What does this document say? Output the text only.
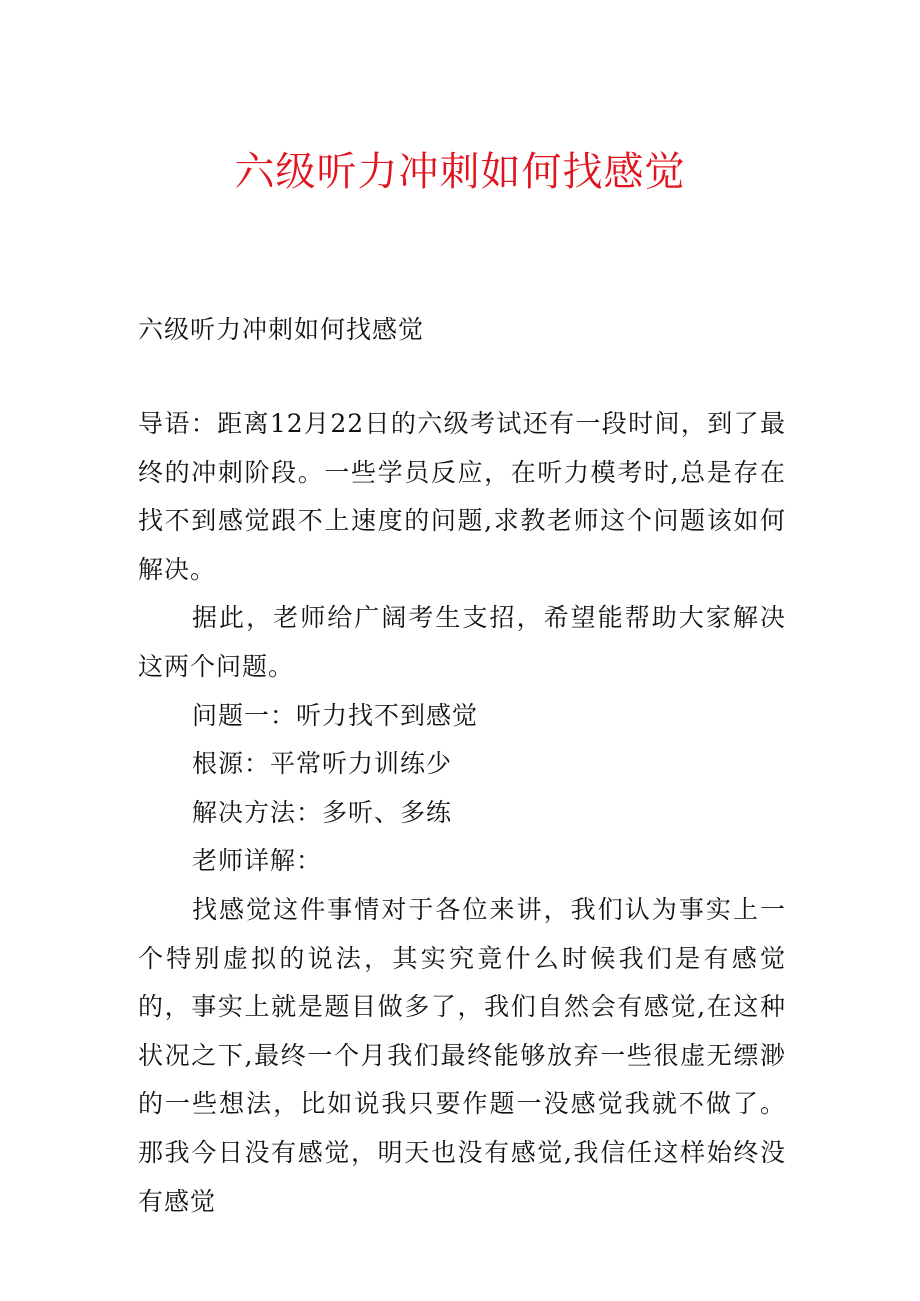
六级听力冲刺如何找感觉

六级听力冲刺如何找感觉

导语：距离12月22日的六级考试还有一段时间，到了最终的冲刺阶段。一些学员反应，在听力模考时,总是存在找不到感觉跟不上速度的问题,求教老师这个问题该如何解决。

据此，老师给广阔考生支招，希望能帮助大家解决这两个问题。

问题一：听力找不到感觉

根源：平常听力训练少

解决方法：多听、多练

老师详解：

找感觉这件事情对于各位来讲，我们认为事实上一个特别虚拟的说法，其实究竟什么时候我们是有感觉的，事实上就是题目做多了，我们自然会有感觉,在这种状况之下,最终一个月我们最终能够放弃一些很虚无缥渺的一些想法，比如说我只要作题一没感觉我就不做了。那我今日没有感觉，明天也没有感觉,我信任这样始终没有感觉
